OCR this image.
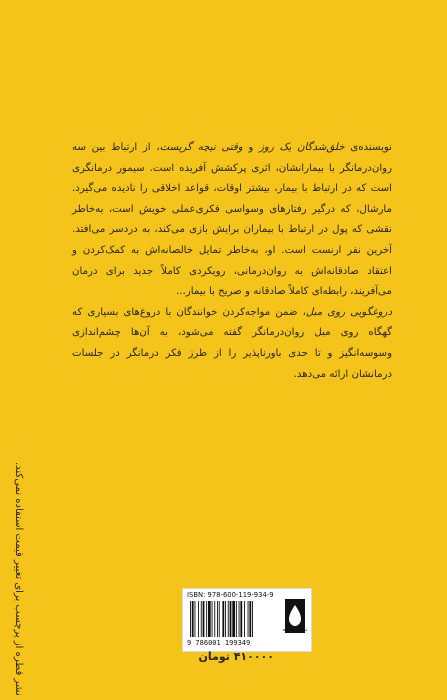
نویسنده‌ی خلق‌شدگان یک روز و وقتی نیچه گریست، از ارتباط بین سه روان‌درمانگر با بیمارانشان، اثری پرکشش آفریده است. سیمور درمانگری است که در ارتباط با بیمار، بیشتر اوقات، قواعد اخلاقی را نادیده می‌گیرد. مارشال، که درگیر رفتارهای وسواسی فکری‌عملی خویش است، به‌خاطر نقشی که پول در ارتباط با بیماران برایش بازی می‌کند، به دردسر می‌افتد. آخرین نفر ارنست است. او، به‌خاطر تمایل خالصانه‌اش به کمک‌کردن و اعتقاد صادقانه‌اش به روان‌درمانی، رویکردی کاملاً جدید برای درمان می‌آفریند، رابطه‌ای کاملاً صادقانه و صریح با بیمار...

دروغگویی روی مبل، ضمن مواجه‌کردن خوانندگان با دروغ‌های بسیاری که گهگاه روی مبل روان‌درمانگر گفته می‌شود، به آن‌ها چشم‌اندازی وسوسه‌انگیز و تا حدی باورناپذیر را از طرز فکر درمانگر در جلسات درمانشان ارائه می‌دهد.

نشر قطره از پرچسب برای تغییر قیمت استفاده نمی‌کند.	ISBN: 978-600-119-934-9
9 786001 199349
نشر قطره
۴۱۰۰۰۰ تومان
